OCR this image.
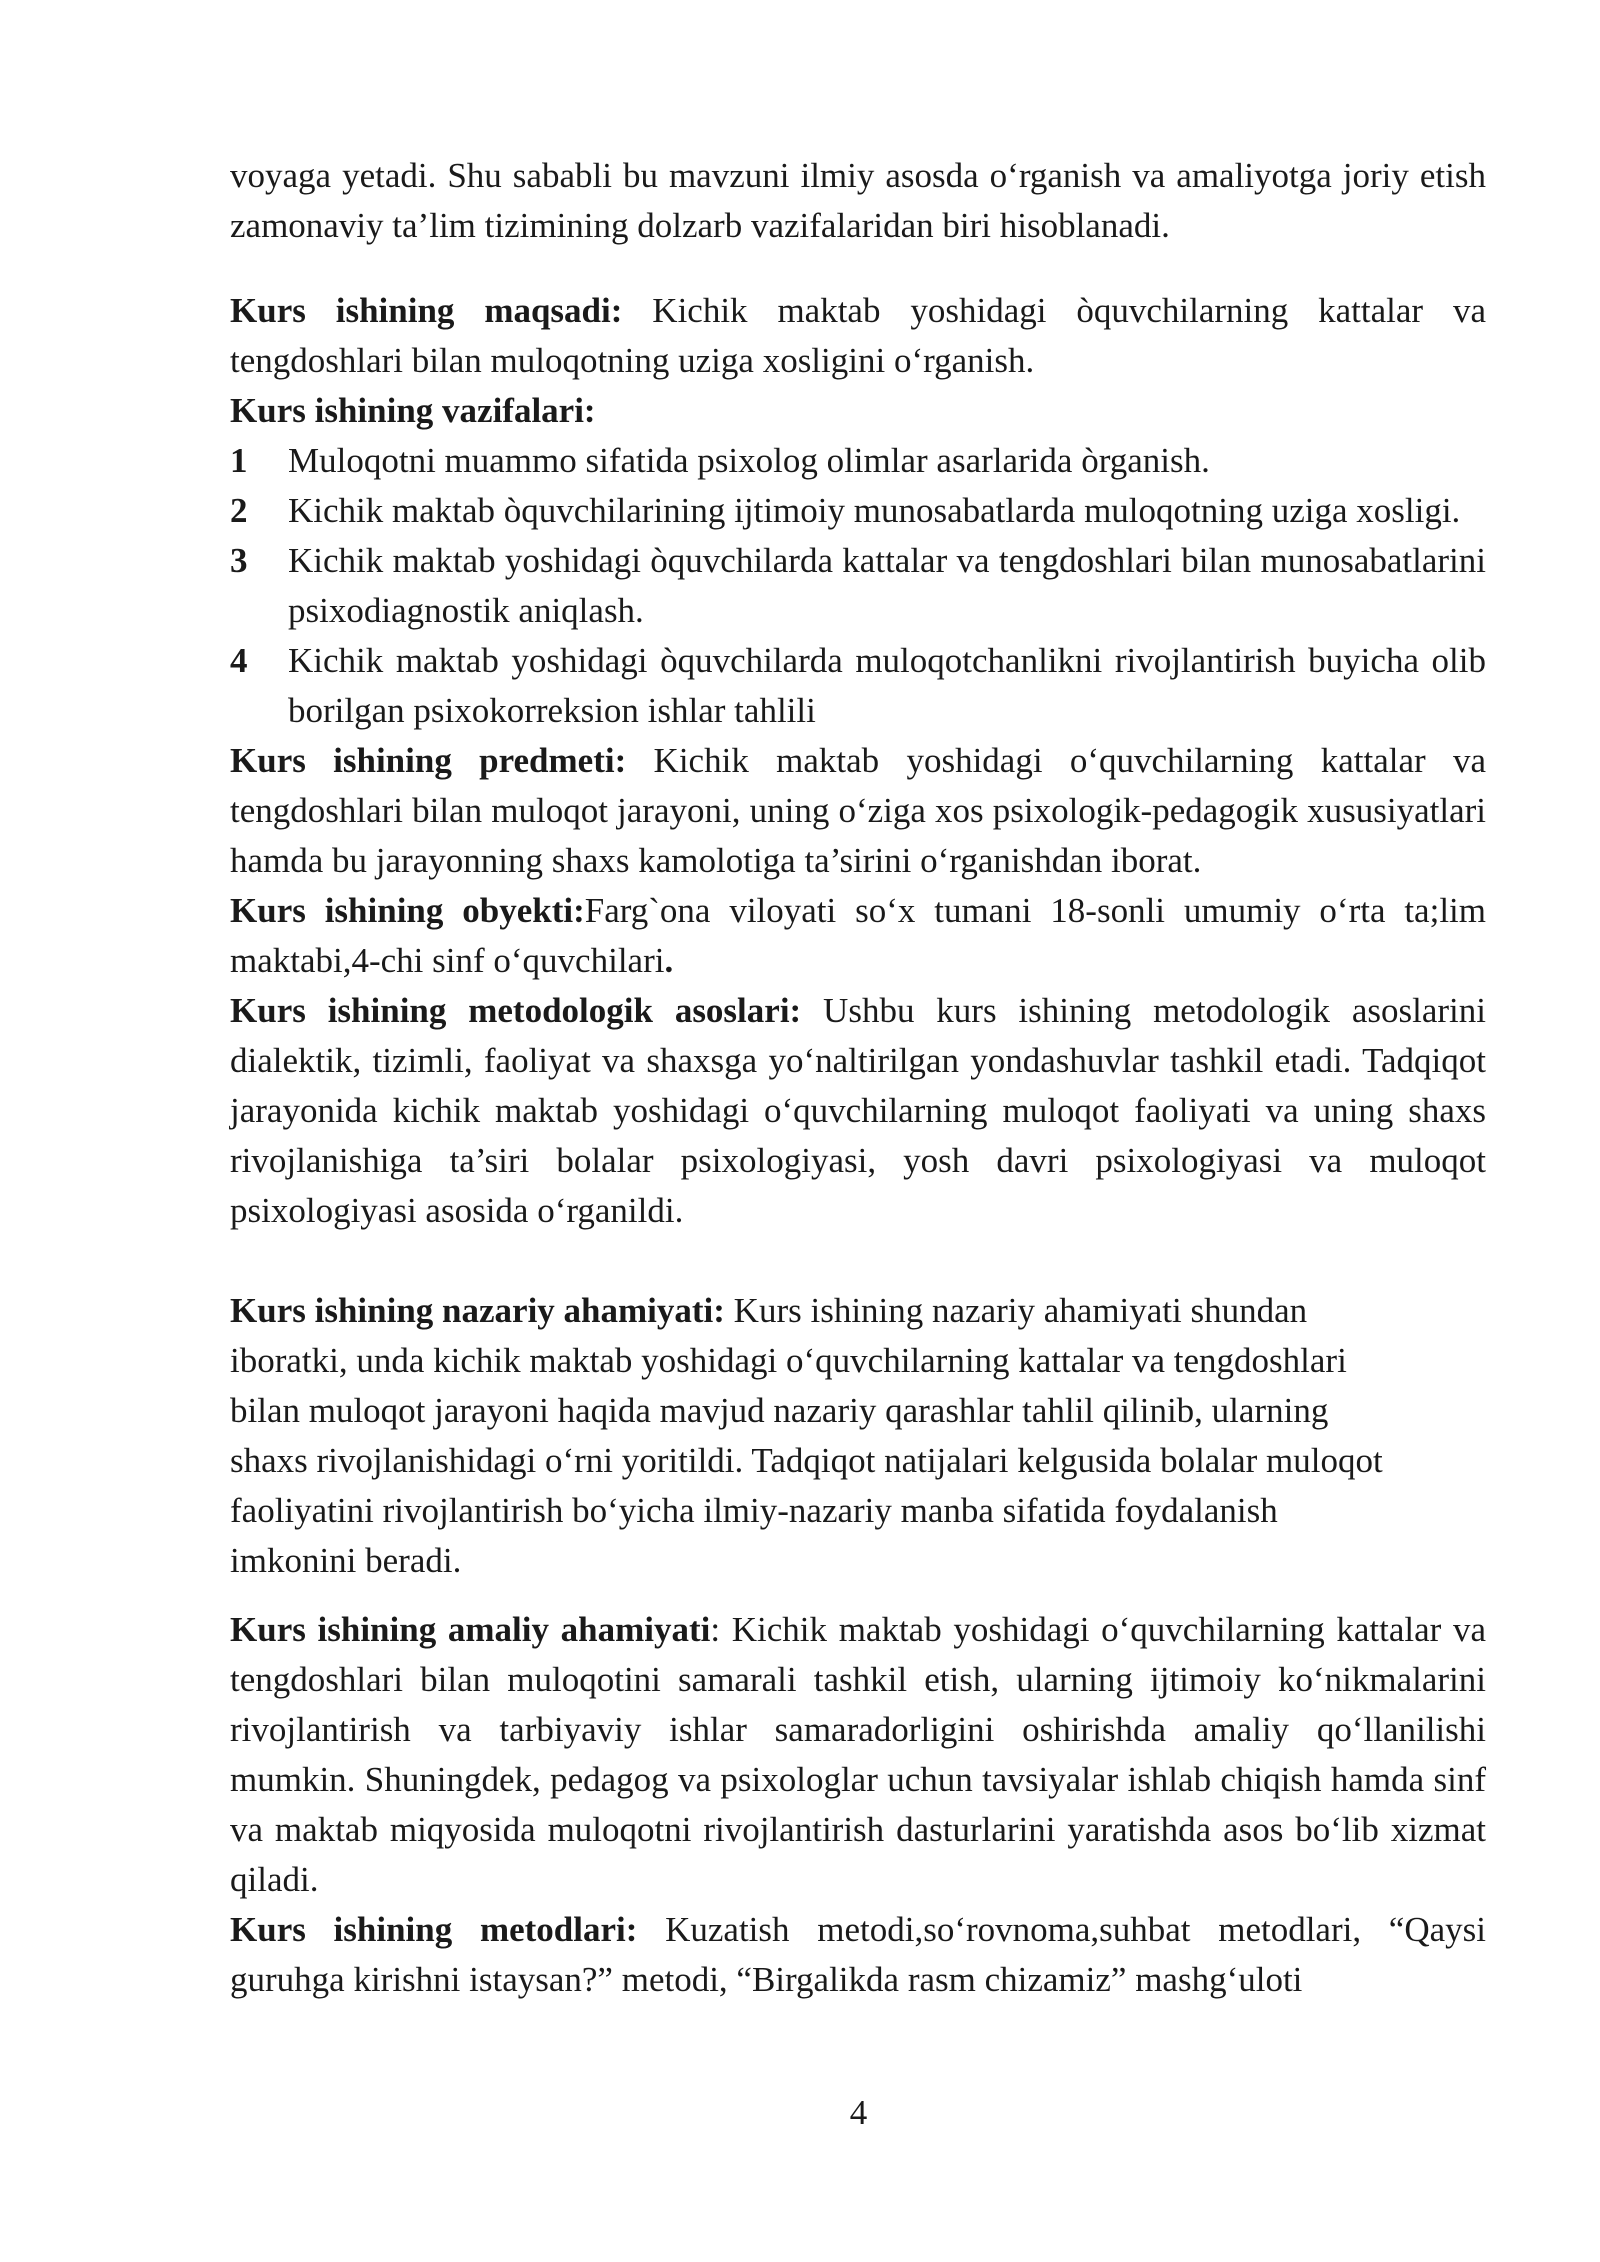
voyaga yetadi. Shu sababli bu mavzuni ilmiy asosda o‘rganish va amaliyotga joriy etish zamonaviy ta’lim tizimining dolzarb vazifalaridan biri hisoblanadi.

Kurs ishining maqsadi: Kichik maktab yoshidagi òquvchilarning kattalar va tengdoshlari bilan muloqotning uziga xosligini o‘rganish.

Kurs ishining vazifalari:

1 Muloqotni muammo sifatida psixolog olimlar asarlarida òrganish.
2 Kichik maktab òquvchilarining ijtimoiy munosabatlarda muloqotning uziga xosligi.
3 Kichik maktab yoshidagi òquvchilarda kattalar va tengdoshlari bilan munosabatlarini psixodiagnostik aniqlash.
4 Kichik maktab yoshidagi òquvchilarda muloqotchanlikni rivojlantirish buyicha olib borilgan psixokorreksion ishlar tahlili

Kurs ishining predmeti: Kichik maktab yoshidagi o‘quvchilarning kattalar va tengdoshlari bilan muloqot jarayoni, uning o‘ziga xos psixologik-pedagogik xususiyatlari hamda bu jarayonning shaxs kamolotiga ta’sirini o‘rganishdan iborat.

Kurs ishining obyekti:Farg`ona viloyati so‘x tumani 18-sonli umumiy o‘rta ta;lim maktabi,4-chi sinf o‘quvchilari.

Kurs ishining metodologik asoslari: Ushbu kurs ishining metodologik asoslarini dialektik, tizimli, faoliyat va shaxsga yo‘naltirilgan yondashuvlar tashkil etadi. Tadqiqot jarayonida kichik maktab yoshidagi o‘quvchilarning muloqot faoliyati va uning shaxs rivojlanishiga ta’siri bolalar psixologiyasi, yosh davri psixologiyasi va muloqot psixologiyasi asosida o‘rganildi.

Kurs ishining nazariy ahamiyati: Kurs ishining nazariy ahamiyati shundan
iboratki, unda kichik maktab yoshidagi o‘quvchilarning kattalar va tengdoshlari
bilan muloqot jarayoni haqida mavjud nazariy qarashlar tahlil qilinib, ularning
shaxs rivojlanishidagi o‘rni yoritildi. Tadqiqot natijalari kelgusida bolalar muloqot
faoliyatini rivojlantirish bo‘yicha ilmiy-nazariy manba sifatida foydalanish
imkonini beradi.

Kurs ishining amaliy ahamiyati: Kichik maktab yoshidagi o‘quvchilarning kattalar va tengdoshlari bilan muloqotini samarali tashkil etish, ularning ijtimoiy ko‘nikmalarini rivojlantirish va tarbiyaviy ishlar samaradorligini oshirishda amaliy qo‘llanilishi mumkin. Shuningdek, pedagog va psixologlar uchun tavsiyalar ishlab chiqish hamda sinf va maktab miqyosida muloqotni rivojlantirish dasturlarini yaratishda asos bo‘lib xizmat qiladi.

Kurs ishining metodlari: Kuzatish metodi,so‘rovnoma,suhbat metodlari, “Qaysi guruhga kirishni istaysan?” metodi, “Birgalikda rasm chizamiz” mashg‘uloti

4
